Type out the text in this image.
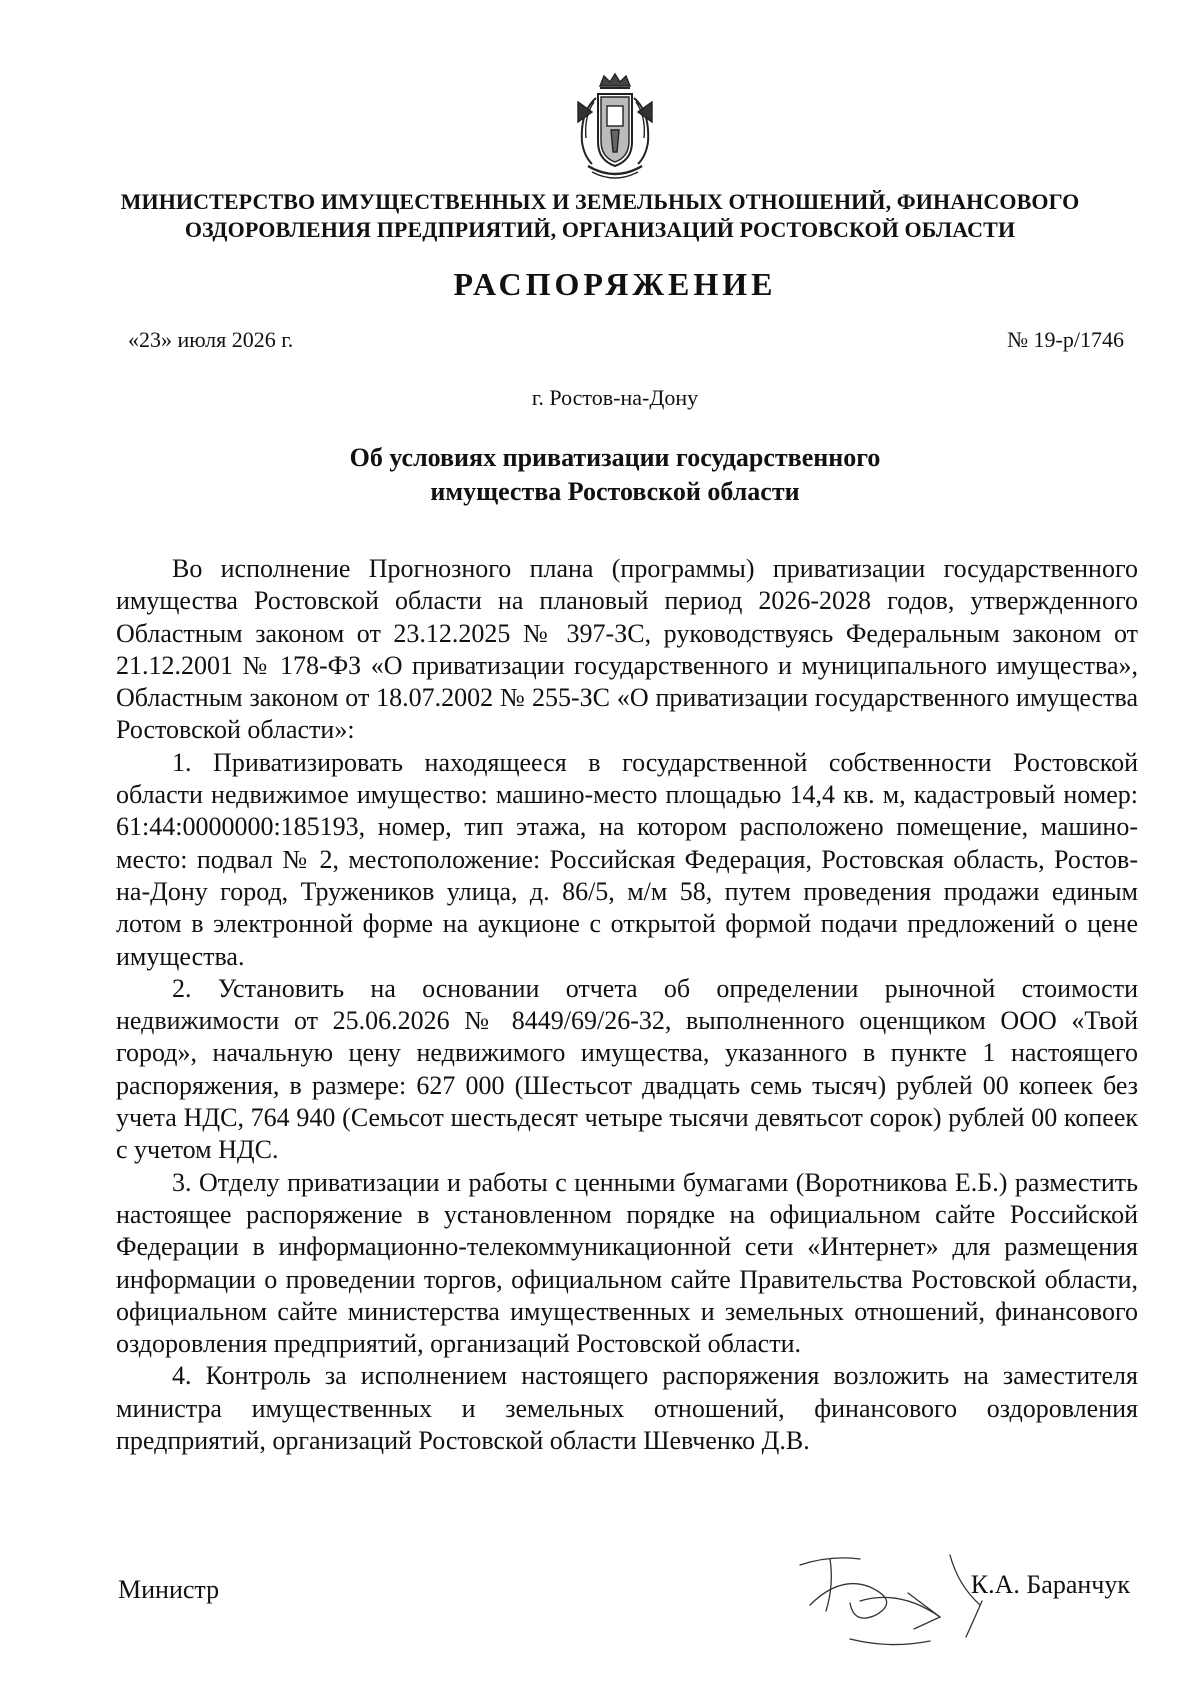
МИНИСТЕРСТВО ИМУЩЕСТВЕННЫХ И ЗЕМЕЛЬНЫХ ОТНОШЕНИЙ, ФИНАНСОВОГО
ОЗДОРОВЛЕНИЯ ПРЕДПРИЯТИЙ, ОРГАНИЗАЦИЙ РОСТОВСКОЙ ОБЛАСТИ
РАСПОРЯЖЕНИЕ
«23» июля 2026 г.	№ 19-р/1746
г. Ростов-на-Дону
Об условиях приватизации государственного
имущества Ростовской области

Во исполнение Прогнозного плана (программы) приватизации государственного имущества Ростовской области на плановый период 2026-2028 годов, утвержденного Областным законом от 23.12.2025 № 397-ЗС, руководствуясь Федеральным законом от 21.12.2001 № 178-ФЗ «О приватизации государственного и муниципального имущества», Областным законом от 18.07.2002 № 255-ЗС «О приватизации государственного имущества Ростовской области»:

1. Приватизировать находящееся в государственной собственности Ростовской области недвижимое имущество: машино-место площадью 14,4 кв. м, кадастровый номер: 61:44:0000000:185193, номер, тип этажа, на котором расположено помещение, машино-место: подвал № 2, местоположение: Российская Федерация, Ростовская область, Ростов-на-Дону город, Тружеников улица, д. 86/5, м/м 58, путем проведения продажи единым лотом в электронной форме на аукционе с открытой формой подачи предложений о цене имущества.

2. Установить на основании отчета об определении рыночной стоимости недвижимости от 25.06.2026 № 8449/69/26-32, выполненного оценщиком ООО «Твой город», начальную цену недвижимого имущества, указанного в пункте 1 настоящего распоряжения, в размере: 627 000 (Шестьсот двадцать семь тысяч) рублей 00 копеек без учета НДС, 764 940 (Семьсот шестьдесят четыре тысячи девятьсот сорок) рублей 00 копеек с учетом НДС.

3. Отделу приватизации и работы с ценными бумагами (Воротникова Е.Б.) разместить настоящее распоряжение в установленном порядке на официальном сайте Российской Федерации в информационно-телекоммуникационной сети «Интернет» для размещения информации о проведении торгов, официальном сайте Правительства Ростовской области, официальном сайте министерства имущественных и земельных отношений, финансового оздоровления предприятий, организаций Ростовской области.

4. Контроль за исполнением настоящего распоряжения возложить на заместителя министра имущественных и земельных отношений, финансового оздоровления предприятий, организаций Ростовской области Шевченко Д.В.

Министр	К.А. Баранчук
